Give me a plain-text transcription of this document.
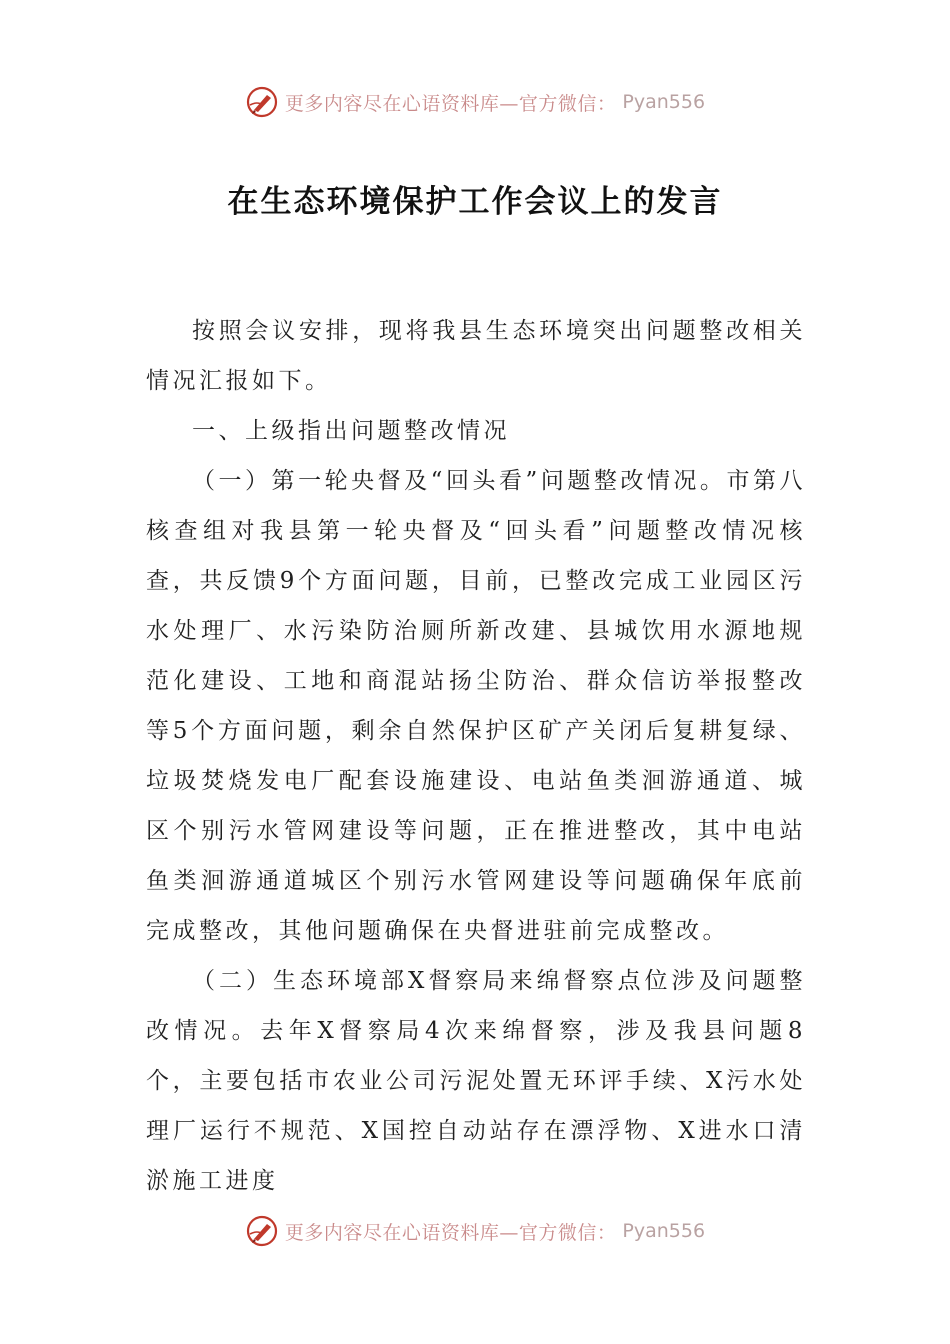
更多内容尽在心语资料库—官方微信： Pyan556
在生态环境保护工作会议上的发言

按照会议安排，现将我县生态环境突出问题整改相关情况汇报如下。

一、上级指出问题整改情况

（一）第一轮央督及“回头看”问题整改情况。市第八核查组对我县第一轮央督及“回头看”问题整改情况核查，共反馈9个方面问题，目前，已整改完成工业园区污水处理厂、水污染防治厕所新改建、县城饮用水源地规范化建设、工地和商混站扬尘防治、群众信访举报整改等5个方面问题，剩余自然保护区矿产关闭后复耕复绿、垃圾焚烧发电厂配套设施建设、电站鱼类洄游通道、城区个别污水管网建设等问题，正在推进整改，其中电站鱼类洄游通道城区个别污水管网建设等问题确保年底前完成整改，其他问题确保在央督进驻前完成整改。

（二）生态环境部X督察局来绵督察点位涉及问题整改情况。去年X督察局4次来绵督察，涉及我县问题8个，主要包括市农业公司污泥处置无环评手续、X污水处理厂运行不规范、X国控自动站存在漂浮物、X进水口清淤施工进度

更多内容尽在心语资料库—官方微信： Pyan556
